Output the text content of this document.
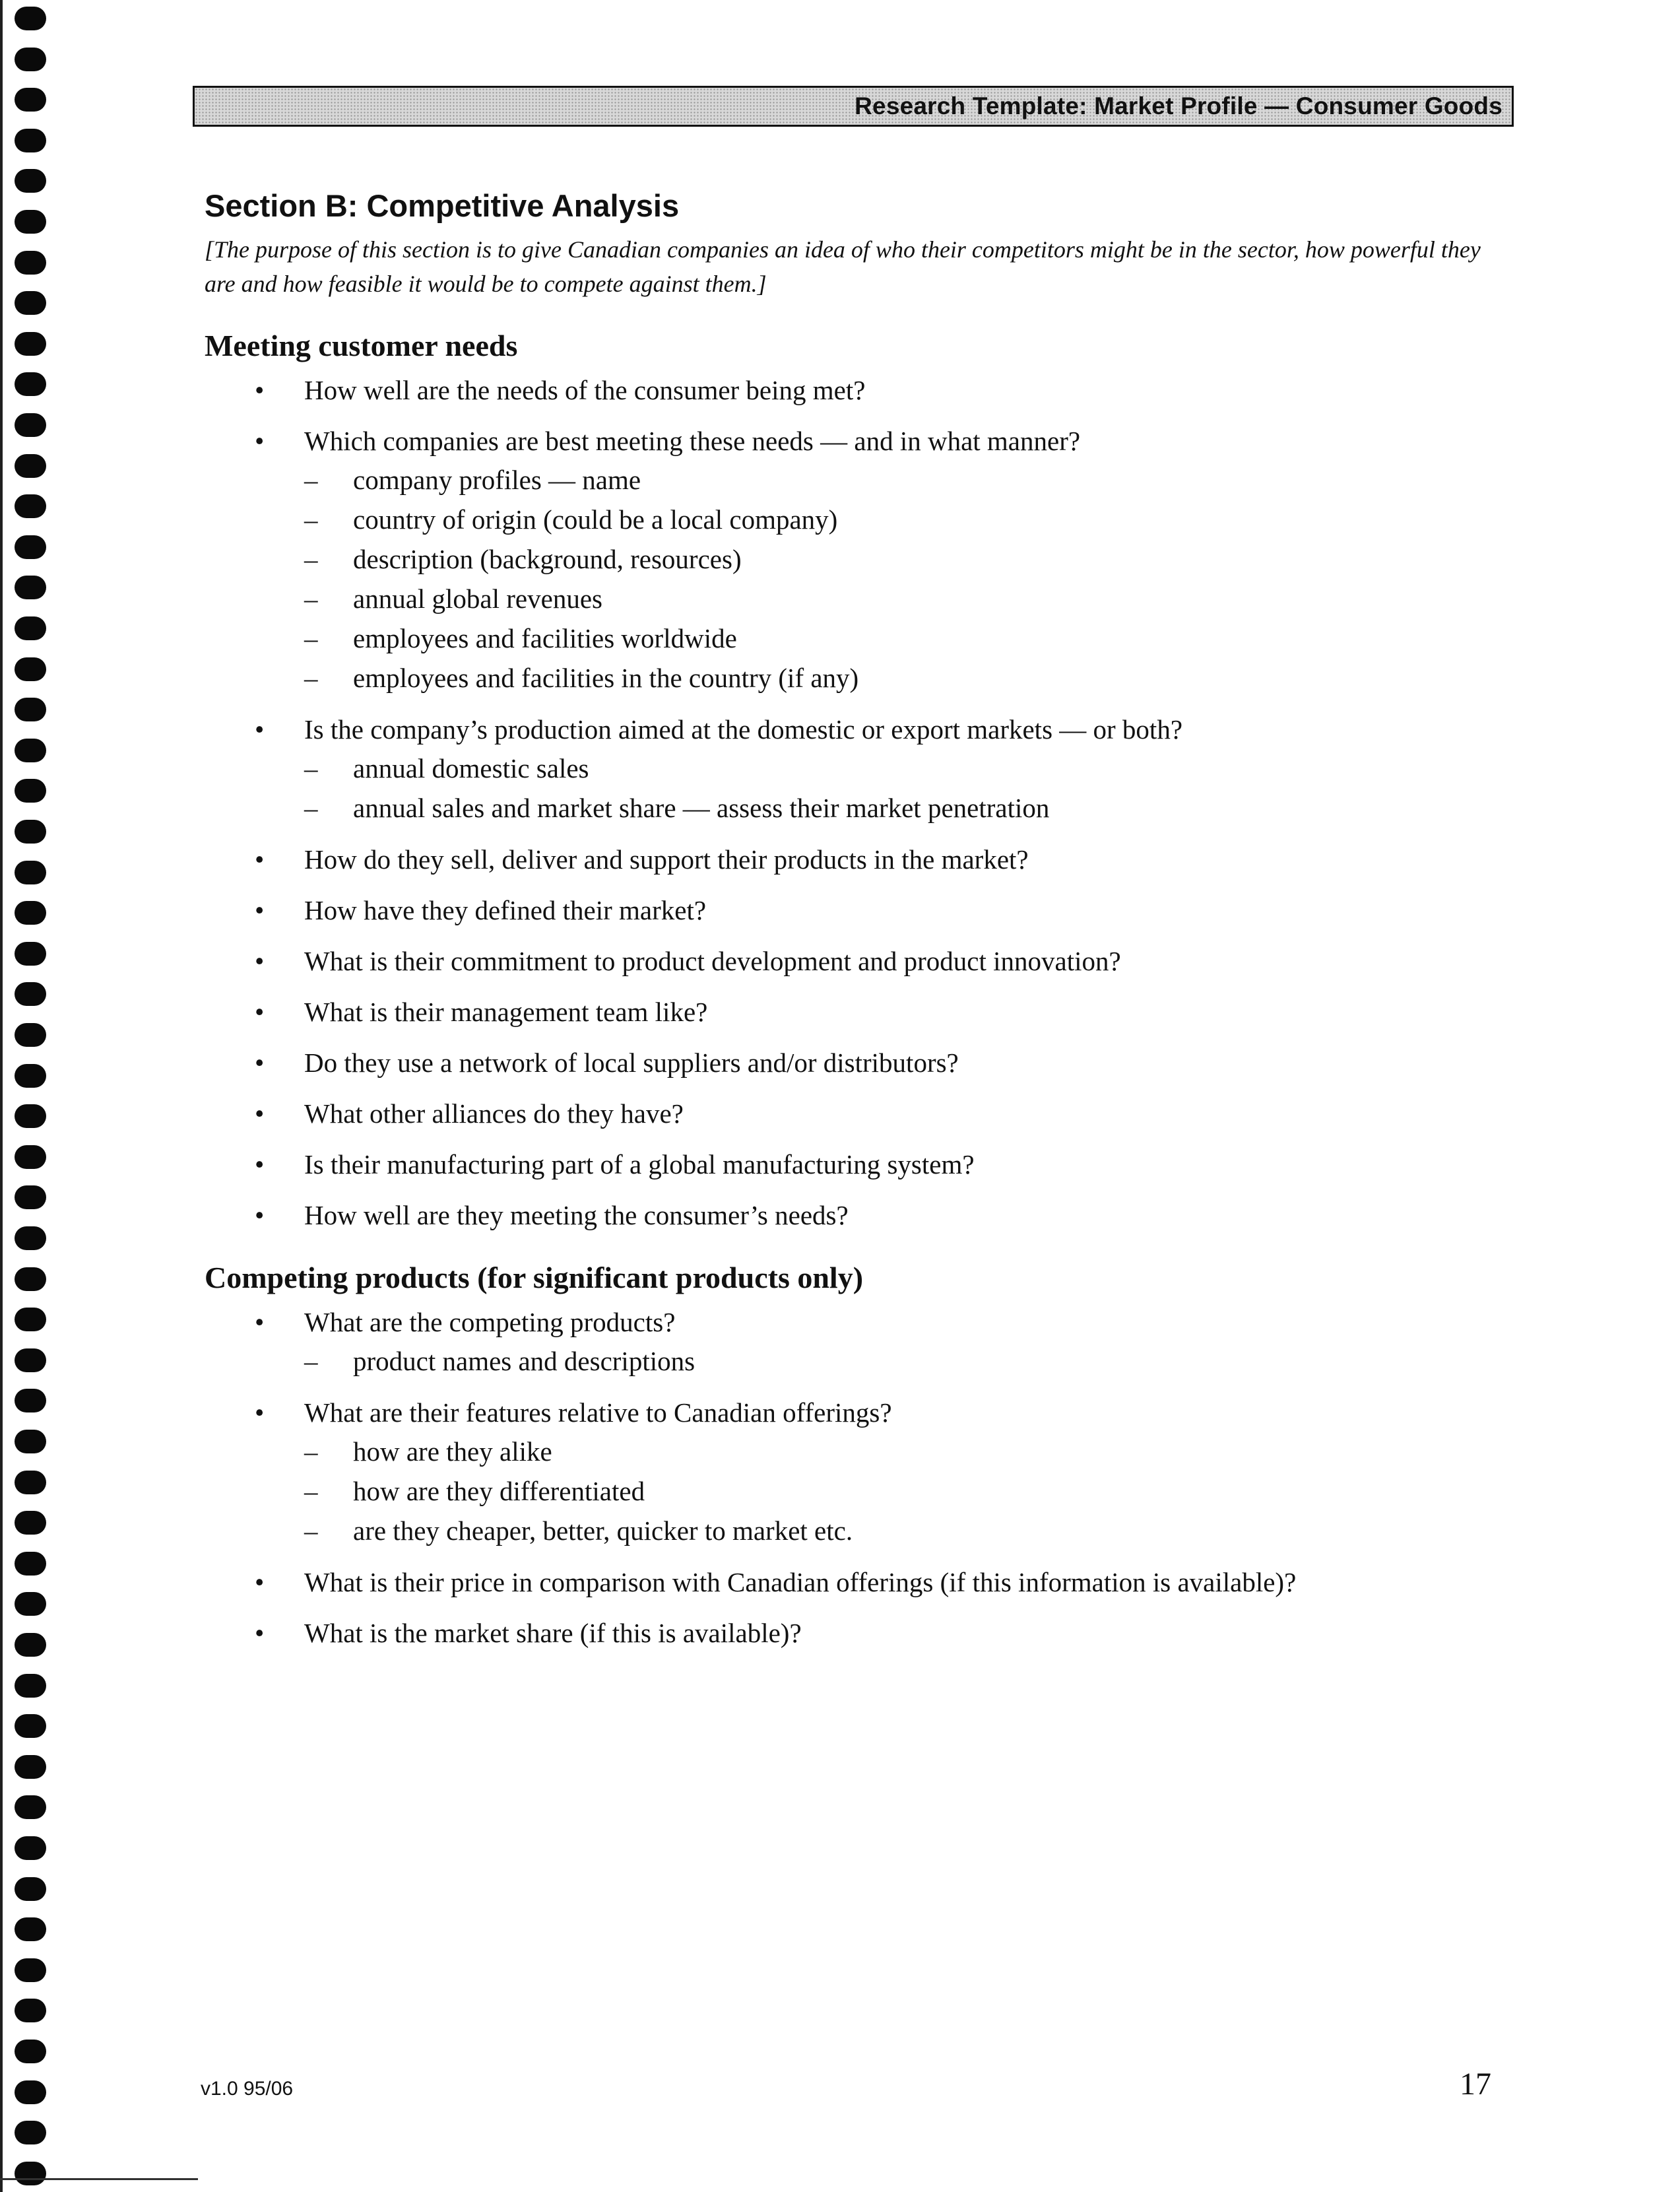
Research Template: Market Profile — Consumer Goods
Section B: Competitive Analysis

[The purpose of this section is to give Canadian companies an idea of who their competitors might be in the sector, how powerful they are and how feasible it would be to compete against them.]

Meeting customer needs
• How well are the needs of the consumer being met?
• Which companies are best meeting these needs — and in what manner?
– company profiles — name
– country of origin (could be a local company)
– description (background, resources)
– annual global revenues
– employees and facilities worldwide
– employees and facilities in the country (if any)
• Is the company’s production aimed at the domestic or export markets — or both?
– annual domestic sales
– annual sales and market share — assess their market penetration
• How do they sell, deliver and support their products in the market?
• How have they defined their market?
• What is their commitment to product development and product innovation?
• What is their management team like?
• Do they use a network of local suppliers and/or distributors?
• What other alliances do they have?
• Is their manufacturing part of a global manufacturing system?
• How well are they meeting the consumer’s needs?
Competing products (for significant products only)
• What are the competing products?
– product names and descriptions
• What are their features relative to Canadian offerings?
– how are they alike
– how are they differentiated
– are they cheaper, better, quicker to market etc.
• What is their price in comparison with Canadian offerings (if this information is available)?
• What is the market share (if this is available)?
v1.0 95/06	17
